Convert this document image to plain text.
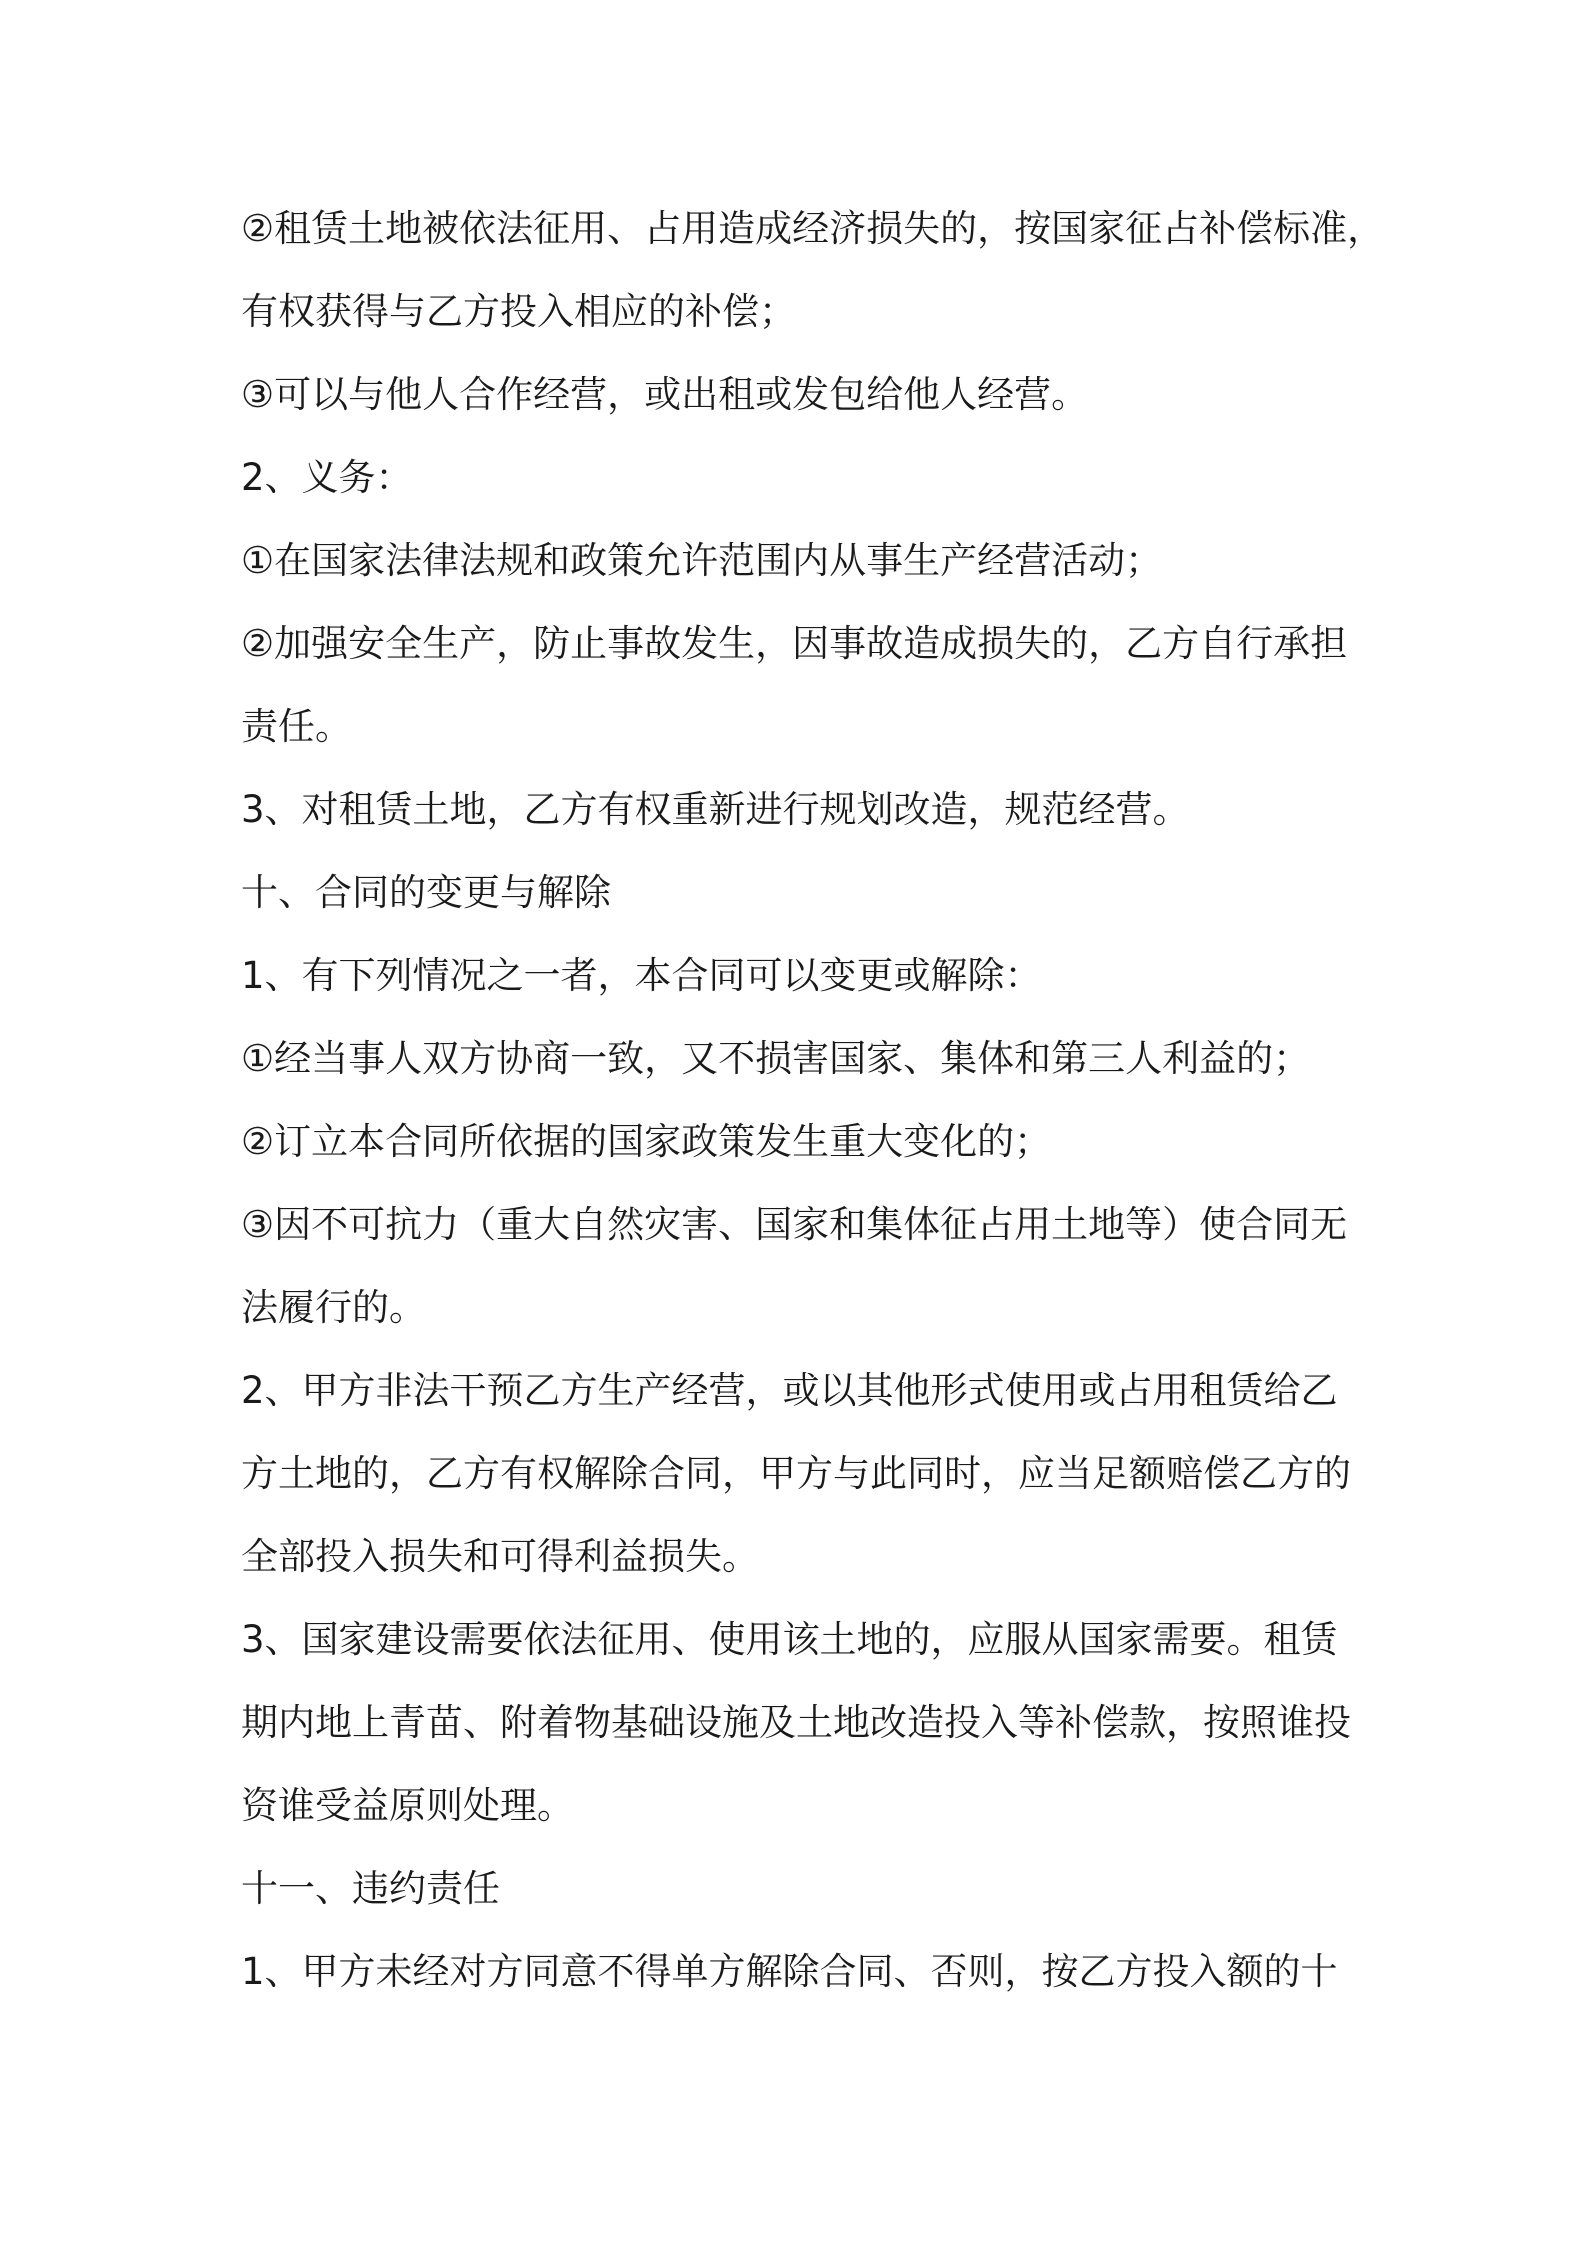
②租赁土地被依法征用、占用造成经济损失的，按国家征占补偿标准，
有权获得与乙方投入相应的补偿；
③可以与他人合作经营，或出租或发包给他人经营。
2、义务：
①在国家法律法规和政策允许范围内从事生产经营活动；
②加强安全生产，防止事故发生，因事故造成损失的，乙方自行承担
责任。
3、对租赁土地，乙方有权重新进行规划改造，规范经营。
十、合同的变更与解除
1、有下列情况之一者，本合同可以变更或解除：
①经当事人双方协商一致，又不损害国家、集体和第三人利益的；
②订立本合同所依据的国家政策发生重大变化的；
③因不可抗力（重大自然灾害、国家和集体征占用土地等）使合同无
法履行的。
2、甲方非法干预乙方生产经营，或以其他形式使用或占用租赁给乙
方土地的，乙方有权解除合同，甲方与此同时，应当足额赔偿乙方的
全部投入损失和可得利益损失。
3、国家建设需要依法征用、使用该土地的，应服从国家需要。租赁
期内地上青苗、附着物基础设施及土地改造投入等补偿款，按照谁投
资谁受益原则处理。
十一、违约责任
1、甲方未经对方同意不得单方解除合同、否则，按乙方投入额的十
